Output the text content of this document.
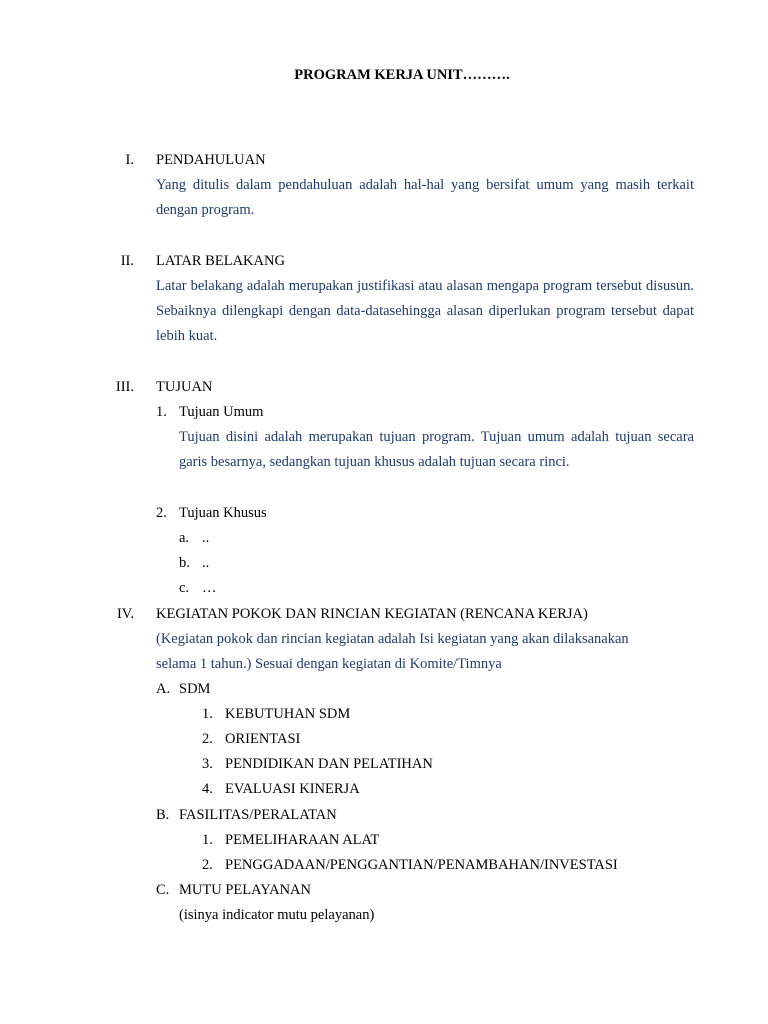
PROGRAM KERJA UNIT……….
I. PENDAHULUAN
Yang ditulis dalam pendahuluan adalah hal-hal yang bersifat umum yang masih terkait dengan program.
II. LATAR BELAKANG
Latar belakang adalah merupakan justifikasi atau alasan mengapa program tersebut disusun. Sebaiknya dilengkapi dengan data-datasehingga alasan diperlukan program tersebut dapat lebih kuat.
III. TUJUAN
1. Tujuan Umum
Tujuan disini adalah merupakan tujuan program. Tujuan umum adalah tujuan secara garis besarnya, sedangkan tujuan khusus adalah tujuan secara rinci.
2. Tujuan Khusus
a. ..
b. ..
c. …
IV. KEGIATAN POKOK DAN RINCIAN KEGIATAN (RENCANA KERJA)
(Kegiatan pokok dan rincian kegiatan adalah Isi kegiatan yang akan dilaksanakan
selama 1 tahun.) Sesuai dengan kegiatan di Komite/Timnya
A. SDM
1. KEBUTUHAN SDM
2. ORIENTASI
3. PENDIDIKAN DAN PELATIHAN
4. EVALUASI KINERJA
B. FASILITAS/PERALATAN
1. PEMELIHARAAN ALAT
2. PENGGADAAN/PENGGANTIAN/PENAMBAHAN/INVESTASI
C. MUTU PELAYANAN
(isinya indicator mutu pelayanan)
